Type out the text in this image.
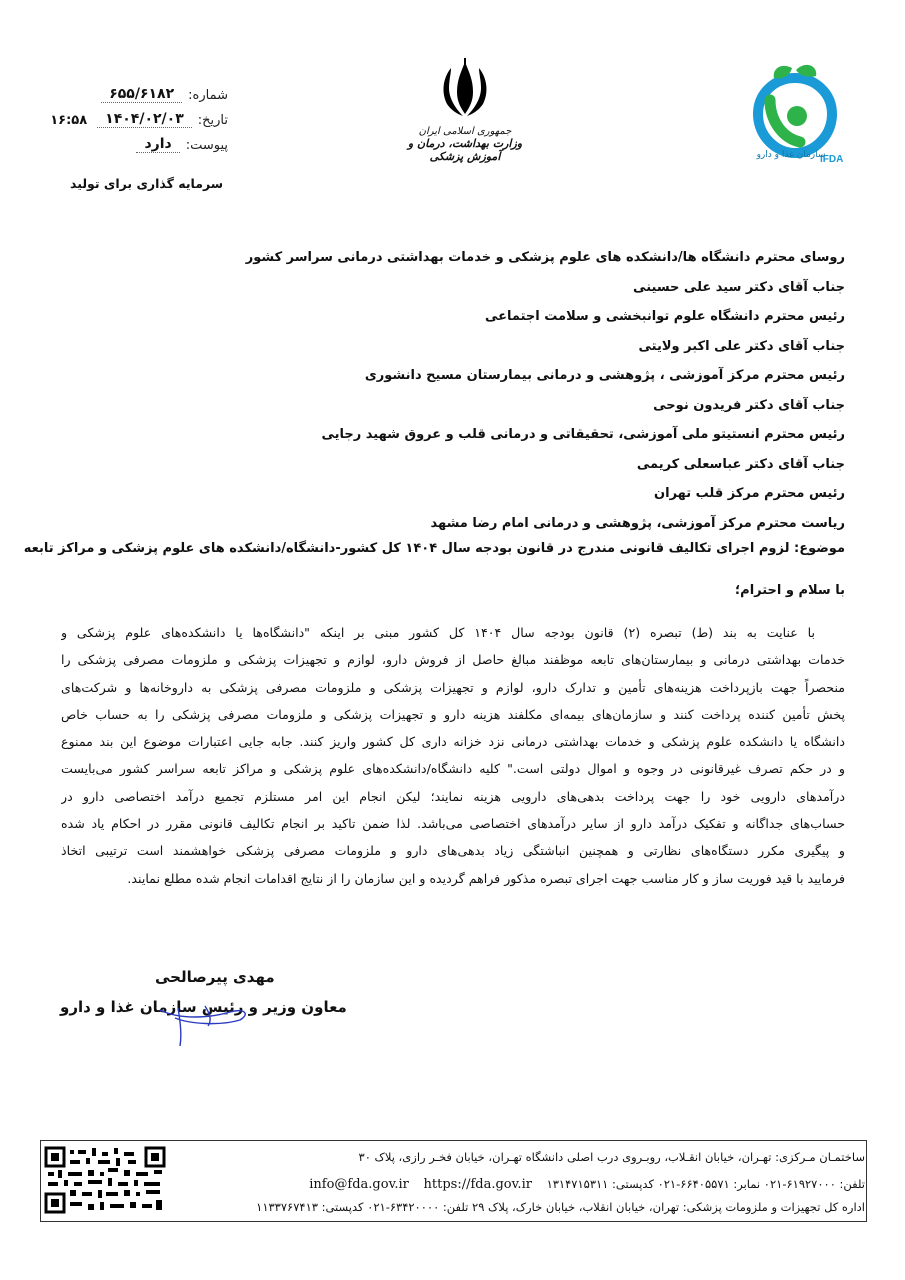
شماره:
۶۵۵/۶۱۸۲
تاریخ:
۱۴۰۴/۰۲/۰۳
۱۶:۵۸
پیوست:
دارد
سرمایه گذاری برای تولید
جمهوری اسلامی ایران
وزارت بهداشت، درمان و آموزش پزشکی	IFDA
سازمان غذا و دارو
روسای محترم دانشگاه ها/دانشکده های علوم پزشکی و خدمات بهداشتی درمانی سراسر کشور
جناب آقای دکتر سید علی حسینی
رئیس محترم دانشگاه علوم توانبخشی و سلامت اجتماعی
جناب آقای دکتر علی اکبر ولایتی
رئیس محترم مرکز آموزشی ، پژوهشی و درمانی بیمارستان مسیح دانشوری
جناب آقای دکتر فریدون نوحی
رئیس محترم انستیتو ملی آموزشی، تحقیقاتی و درمانی قلب و عروق شهید رجایی
جناب آقای دکتر عباسعلی کریمی
رئیس محترم مرکز قلب تهران
ریاست محترم مرکز آموزشی، پژوهشی و درمانی امام رضا مشهد
موضوع: لزوم اجرای تکالیف قانونی مندرج در قانون بودجه سال ۱۴۰۴ کل کشور-دانشگاه/دانشکده های علوم پزشکی و مراکز تابعه
با سلام و احترام؛
با عنایت به بند (ط) تبصره (۲) قانون بودجه سال ۱۴۰۴ کل کشور مبنی بر اینکه "دانشگاه‌ها یا دانشکده‌های علوم پزشکی و
خدمات بهداشتی درمانی و بیمارستان‌های تابعه موظفند مبالغ حاصل از فروش دارو، لوازم و تجهیزات پزشکی و ملزومات مصرفی پزشکی را
منحصراً جهت بازپرداخت هزینه‌های تأمین و تدارک دارو، لوازم و تجهیزات پزشکی و ملزومات مصرفی پزشکی به داروخانه‌ها و شرکت‌های
پخش تأمین کننده پرداخت کنند و سازمان‌های بیمه‌ای مکلفند هزینه دارو و تجهیزات پزشکی و ملزومات مصرفی پزشکی را به حساب خاص
دانشگاه یا دانشکده علوم پزشکی و خدمات بهداشتی درمانی نزد خزانه داری کل کشور واریز کنند. جابه جایی اعتبارات موضوع این بند ممنوع
و در حکم تصرف غیرقانونی در وجوه و اموال دولتی است." کلیه دانشگاه/دانشکده‌های علوم پزشکی و مراکز تابعه سراسر کشور می‌بایست
درآمدهای دارویی خود را جهت پرداخت بدهی‌های دارویی هزینه نمایند؛ لیکن انجام این امر مستلزم تجمیع درآمد اختصاصی دارو در
حساب‌های جداگانه و تفکیک درآمد دارو از سایر درآمدهای اختصاصی می‌باشد. لذا ضمن تاکید بر انجام تکالیف قانونی مقرر در احکام یاد شده
و پیگیری مکرر دستگاه‌های نظارتی و همچنین انباشتگی زیاد بدهی‌های دارو و ملزومات مصرفی پزشکی خواهشمند است ترتیبی اتخاذ
فرمایید با قید فوریت ساز و کار مناسب جهت اجرای تبصره مذکور فراهم گردیده و این سازمان را از نتایج اقدامات انجام شده مطلع نمایند.
مهدی پیرصالحی
معاون وزیر و رئیس سازمان غذا و دارو
ساختمـان مـرکزی: تهـران، خیابان انقـلاب، روبـروی درب اصلی دانشگاه تهـران، خیابان فخـر رازی، پلاک ۳۰
تلفن: ۶۱۹۲۷۰۰۰-۰۲۱ نمابر: ۶۶۴۰۵۵۷۱-۰۲۱ کدپستی: ۱۳۱۴۷۱۵۳۱۱    info@fda.gov.ir https://fda.gov.ir
اداره کل تجهیزات و ملزومات پزشکی: تهران، خیابان انقلاب، خیابان خارک، پلاک ۲۹ تلفن: ۶۳۴۲۰۰۰۰-۰۲۱ کدپستی: ۱۱۳۳۷۶۷۴۱۳
